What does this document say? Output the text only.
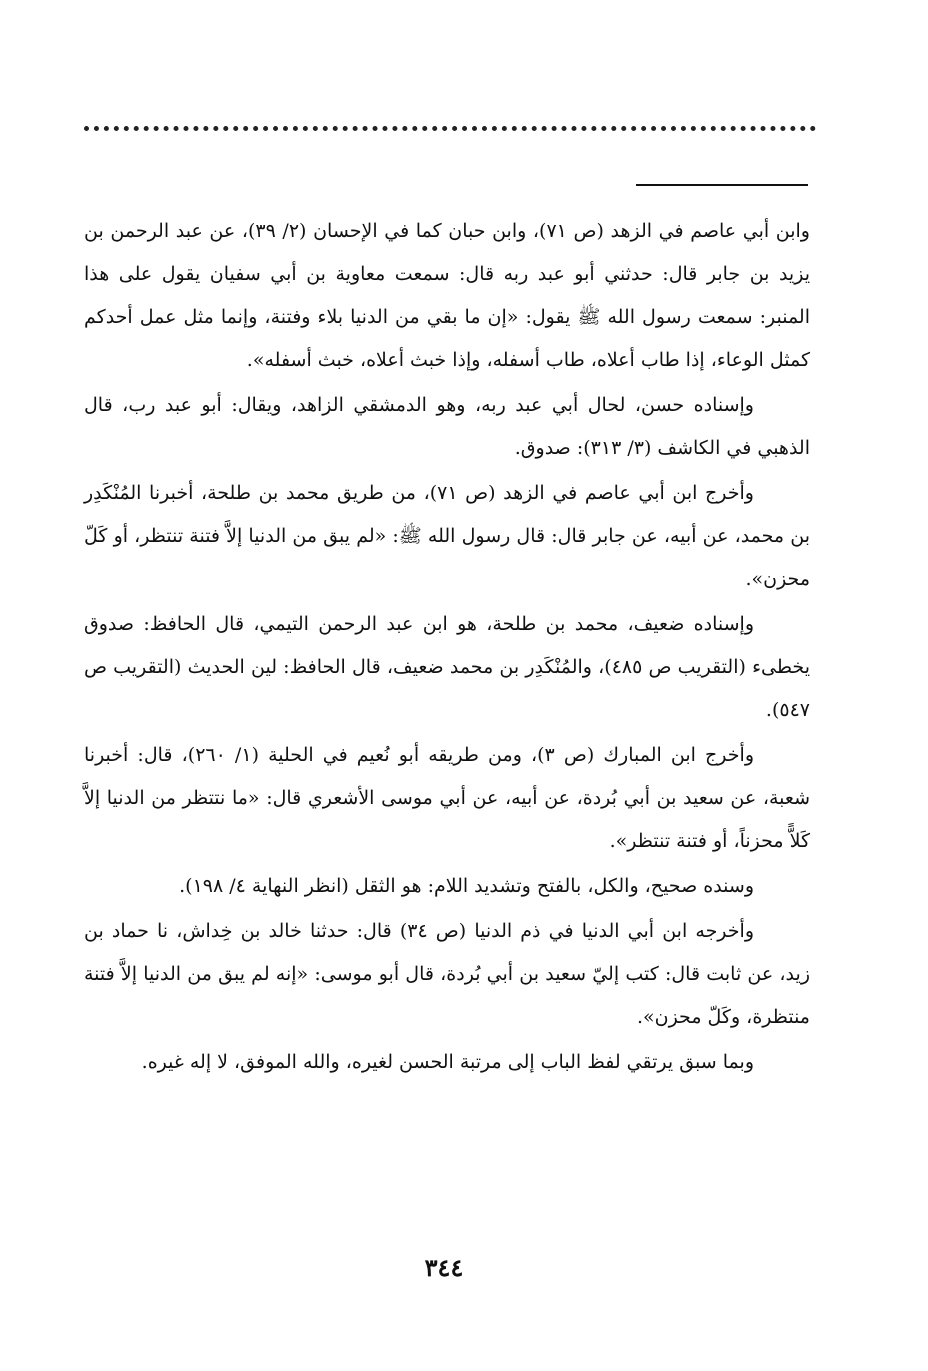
وابن أبي عاصم في الزهد (ص ٧١)، وابن حبان كما في الإحسان (٢/ ٣٩)، عن عبد الرحمن بن يزيد بن جابر قال: حدثني أبو عبد ربه قال: سمعت معاوية بن أبي سفيان يقول على هذا المنبر: سمعت رسول الله ﷺ يقول: «إن ما بقي من الدنيا بلاء وفتنة، وإنما مثل عمل أحدكم كمثل الوعاء، إذا طاب أعلاه، طاب أسفله، وإذا خبث أعلاه، خبث أسفله».

وإسناده حسن، لحال أبي عبد ربه، وهو الدمشقي الزاهد، ويقال: أبو عبد رب، قال الذهبي في الكاشف (٣/ ٣١٣): صدوق.

وأخرج ابن أبي عاصم في الزهد (ص ٧١)، من طريق محمد بن طلحة، أخبرنا المُنْكَدِر بن محمد، عن أبيه، عن جابر قال: قال رسول الله ﷺ: «لم يبق من الدنيا إلاَّ فتنة تنتظر، أو كَلّ محزن».

وإسناده ضعيف، محمد بن طلحة، هو ابن عبد الرحمن التيمي، قال الحافظ: صدوق يخطىء (التقريب ص ٤٨٥)، والمُنْكَدِر بن محمد ضعيف، قال الحافظ: لين الحديث (التقريب ص ٥٤٧).

وأخرج ابن المبارك (ص ٣)، ومن طريقه أبو نُعيم في الحلية (١/ ٢٦٠)، قال: أخبرنا شعبة، عن سعيد بن أبي بُردة، عن أبيه، عن أبي موسى الأشعري قال: «ما نتتظر من الدنيا إلاَّ كَلاًّ محزناً، أو فتنة تنتظر».

وسنده صحيح، والكل، بالفتح وتشديد اللام: هو الثقل (انظر النهاية ٤/ ١٩٨).

وأخرجه ابن أبي الدنيا في ذم الدنيا (ص ٣٤) قال: حدثنا خالد بن خِداش، نا حماد بن زيد، عن ثابت قال: كتب إليّ سعيد بن أبي بُردة، قال أبو موسى: «إنه لم يبق من الدنيا إلاَّ فتنة منتظرة، وكَلّ محزن».

وبما سبق يرتقي لفظ الباب إلى مرتبة الحسن لغيره، والله الموفق، لا إله غيره.

٣٤٤
